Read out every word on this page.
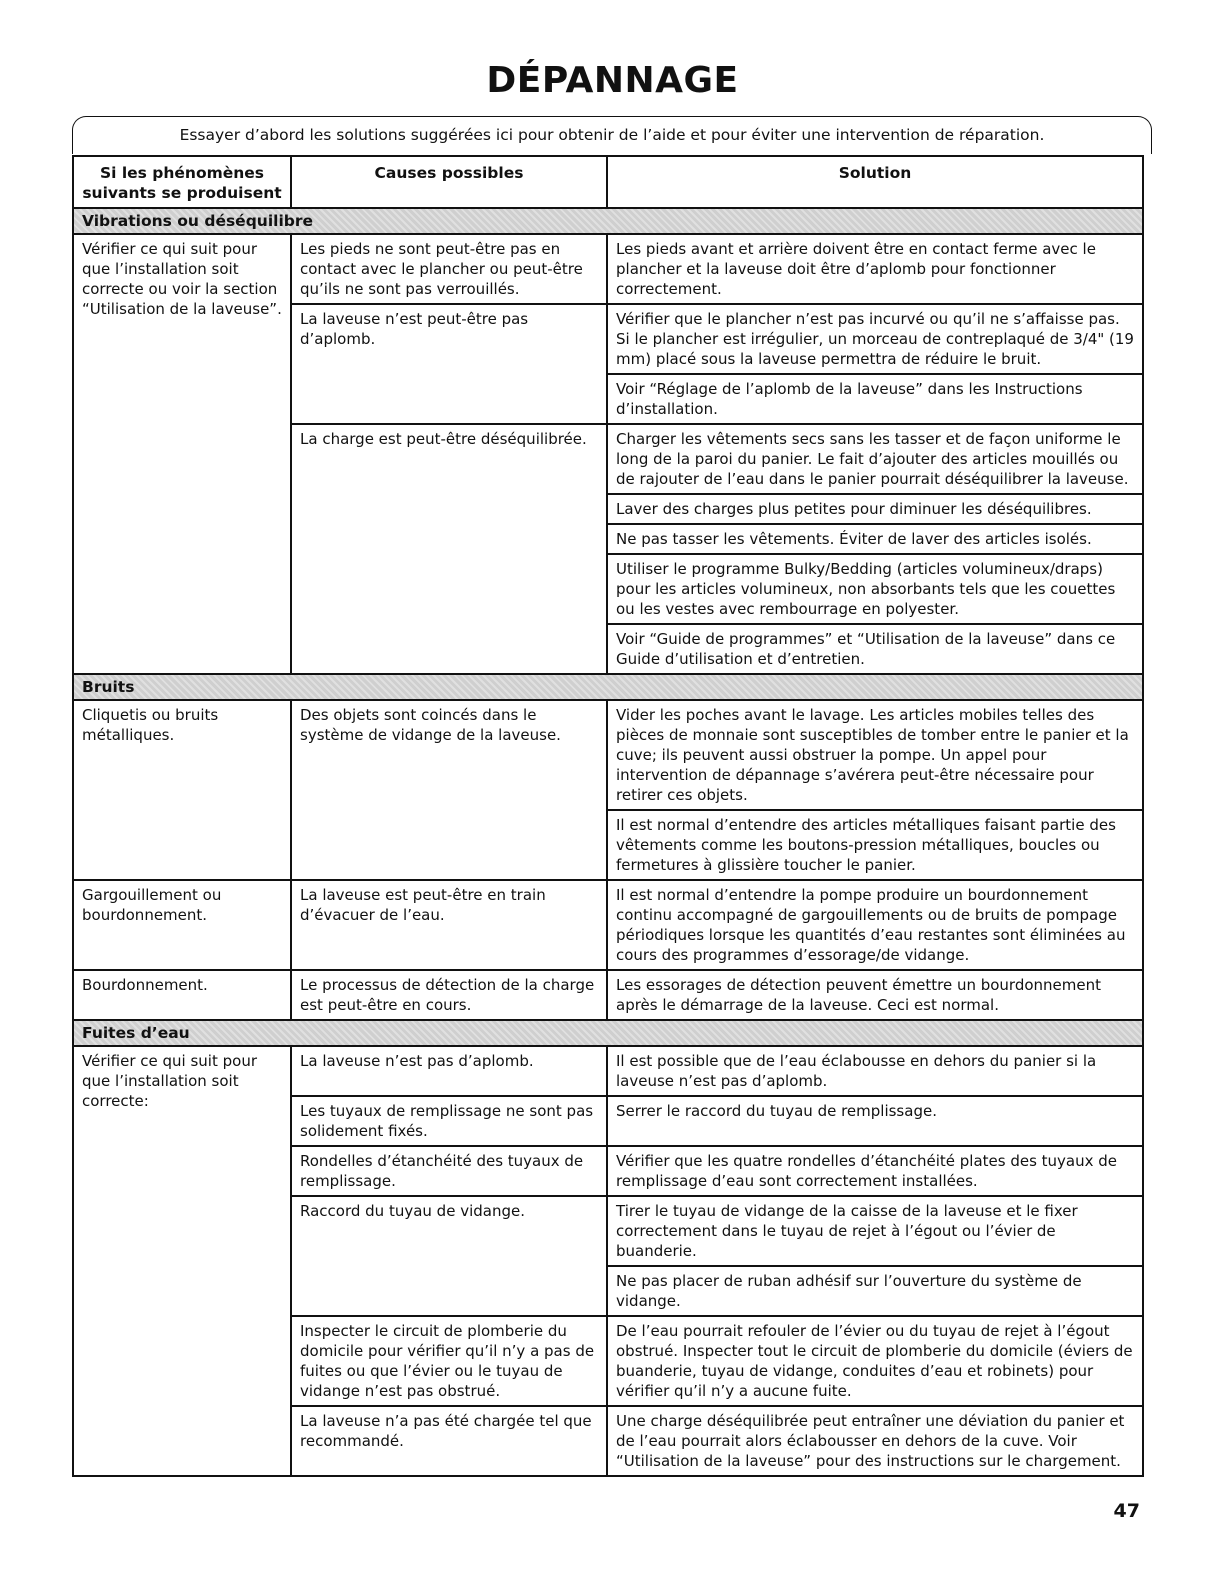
DÉPANNAGE
Essayer d’abord les solutions suggérées ici pour obtenir de l’aide et pour éviter une intervention de réparation.
Si les phénomènes suivants se produisent	Causes possibles	Solution
Vibrations ou déséquilibre		
Vérifier ce qui suit pour que l’installation soit correcte ou voir la section “Utilisation de la laveuse”.	Les pieds ne sont peut-être pas en contact avec le plancher ou peut-être qu’ils ne sont pas verrouillés.	Les pieds avant et arrière doivent être en contact ferme avec le plancher et la laveuse doit être d’aplomb pour fonctionner correctement.
	La laveuse n’est peut-être pas d’aplomb.	Vérifier que le plancher n’est pas incurvé ou qu’il ne s’affaisse pas. Si le plancher est irrégulier, un morceau de contreplaqué de 3/4" (19 mm) placé sous la laveuse permettra de réduire le bruit.
		Voir “Réglage de l’aplomb de la laveuse” dans les Instructions d’installation.
	La charge est peut-être déséquilibrée.	Charger les vêtements secs sans les tasser et de façon uniforme le long de la paroi du panier. Le fait d’ajouter des articles mouillés ou de rajouter de l’eau dans le panier pourrait déséquilibrer la laveuse.
		Laver des charges plus petites pour diminuer les déséquilibres.
		Ne pas tasser les vêtements. Éviter de laver des articles isolés.
		Utiliser le programme Bulky/Bedding (articles volumineux/draps) pour les articles volumineux, non absorbants tels que les couettes ou les vestes avec rembourrage en polyester.
		Voir “Guide de programmes” et “Utilisation de la laveuse” dans ce Guide d’utilisation et d’entretien.
Bruits		
Cliquetis ou bruits métalliques.	Des objets sont coincés dans le système de vidange de la laveuse.	Vider les poches avant le lavage. Les articles mobiles telles des pièces de monnaie sont susceptibles de tomber entre le panier et la cuve; ils peuvent aussi obstruer la pompe. Un appel pour intervention de dépannage s’avérera peut-être nécessaire pour retirer ces objets.
		Il est normal d’entendre des articles métalliques faisant partie des vêtements comme les boutons-pression métalliques, boucles ou fermetures à glissière toucher le panier.
Gargouillement ou bourdonnement.	La laveuse est peut-être en train d’évacuer de l’eau.	Il est normal d’entendre la pompe produire un bourdonnement continu accompagné de gargouillements ou de bruits de pompage périodiques lorsque les quantités d’eau restantes sont éliminées au cours des programmes d’essorage/de vidange.
Bourdonnement.	Le processus de détection de la charge est peut-être en cours.	Les essorages de détection peuvent émettre un bourdonnement après le démarrage de la laveuse. Ceci est normal.
Fuites d’eau		
Vérifier ce qui suit pour que l’installation soit correcte:	La laveuse n’est pas d’aplomb.	Il est possible que de l’eau éclabousse en dehors du panier si la laveuse n’est pas d’aplomb.
	Les tuyaux de remplissage ne sont pas solidement fixés.	Serrer le raccord du tuyau de remplissage.
	Rondelles d’étanchéité des tuyaux de remplissage.	Vérifier que les quatre rondelles d’étanchéité plates des tuyaux de remplissage d’eau sont correctement installées.
	Raccord du tuyau de vidange.	Tirer le tuyau de vidange de la caisse de la laveuse et le fixer correctement dans le tuyau de rejet à l’égout ou l’évier de buanderie.
		Ne pas placer de ruban adhésif sur l’ouverture du système de vidange.
	Inspecter le circuit de plomberie du domicile pour vérifier qu’il n’y a pas de fuites ou que l’évier ou le tuyau de vidange n’est pas obstrué.	De l’eau pourrait refouler de l’évier ou du tuyau de rejet à l’égout obstrué. Inspecter tout le circuit de plomberie du domicile (éviers de buanderie, tuyau de vidange, conduites d’eau et robinets) pour vérifier qu’il n’y a aucune fuite.
	La laveuse n’a pas été chargée tel que recommandé.	Une charge déséquilibrée peut entraîner une déviation du panier et de l’eau pourrait alors éclabousser en dehors de la cuve. Voir “Utilisation de la laveuse” pour des instructions sur le chargement.
47
